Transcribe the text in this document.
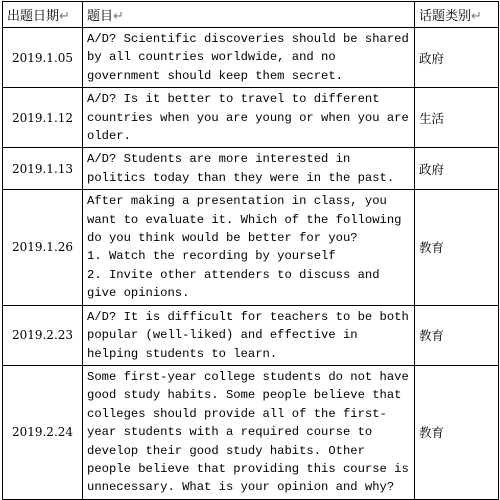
出题日期↵	题目↵	话题类别↵
2019.1.05	A/D? Scientific discoveries should be shared by all countries worldwide, and no government should keep them secret.	政府
2019.1.12	A/D? Is it better to travel to different countries when you are young or when you are older.	生活
2019.1.13	A/D? Students are more interested in politics today than they were in the past.	政府
2019.1.26	After making a presentation in class, you want to evaluate it. Which of the following do you think would be better for you?
1. Watch the recording by yourself
2. Invite other attenders to discuss and give opinions.	教育
2019.2.23	A/D? It is difficult for teachers to be both popular (well-liked) and effective in helping students to learn.	教育
2019.2.24	Some first-year college students do not have good study habits. Some people believe that colleges should provide all of the first-year students with a required course to develop their good study habits. Other people believe that providing this course is unnecessary. What is your opinion and why?	教育
